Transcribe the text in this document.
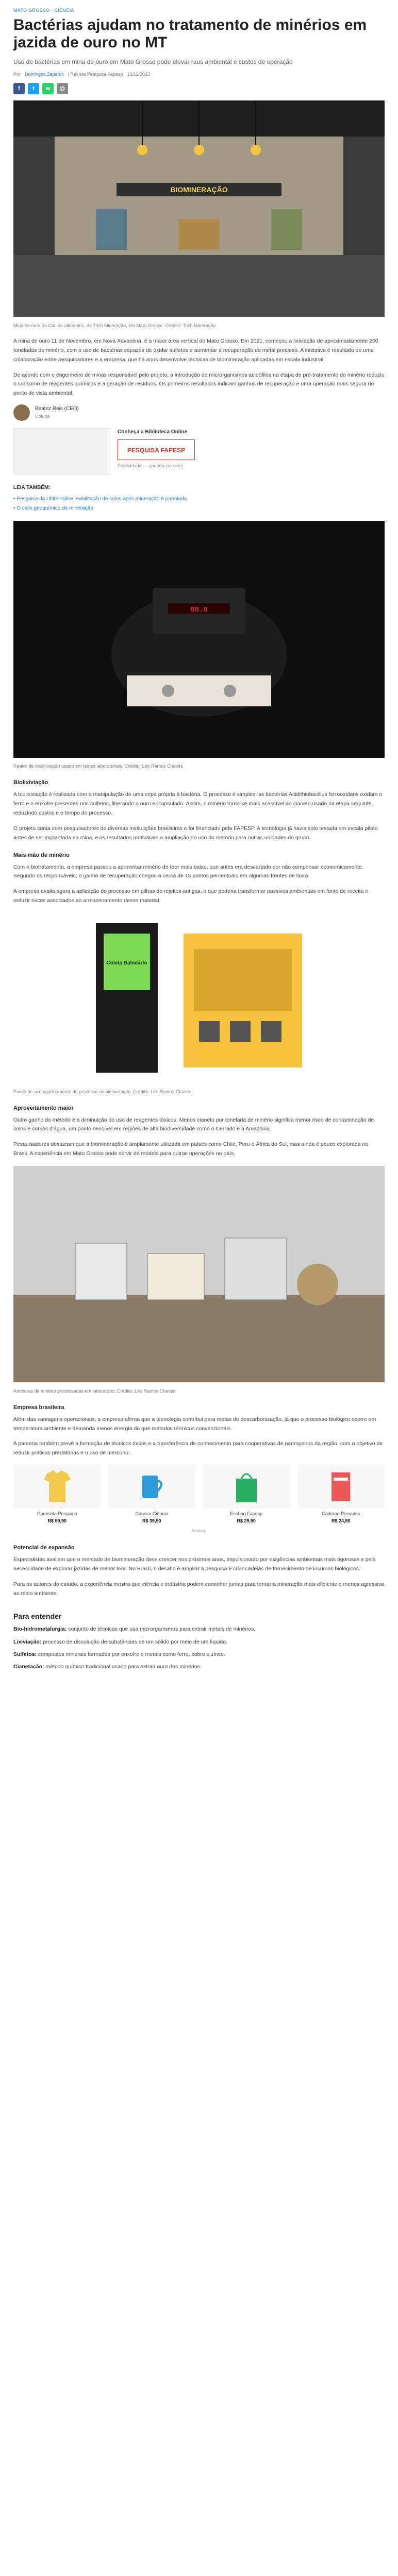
MATO GROSSO · CIÊNCIA
Bactérias ajudam no tratamento de minérios em jazida de ouro no MT

Uso de bactérias em mina de ouro em Mato Grosso pode elevar raus ambiental e custos de operação

Por Domingos Zaparoli | Revista Pesquisa Fapesp 15/11/2023
f	t	w	@
BIOMINERAÇÃO

Mina de ouro da Cia. de alimentos, de Titch Mineração, em Mato Grosso. Crédito: Titch Mineração

A mina de ouro 11 de Novembro, em Nova Xavantina, é a maior área vertical do Mato Grosso. Em 2021, começou a lixiviação de aproximadamente 200 toneladas de minério, com o uso de bactérias capazes de oxidar sulfetos e aumentar a recuperação do metal precioso. A iniciativa é resultado de uma colaboração entre pesquisadores e a empresa, que há anos desenvolve técnicas de biomineração aplicadas em escala industrial.

De acordo com o engenheiro de minas responsável pelo projeto, a introdução de microrganismos acidófilos na etapa de pré-tratamento do minério reduziu o consumo de reagentes químicos e a geração de resíduos. Os primeiros resultados indicam ganhos de recuperação e uma operação mais segura do ponto de vista ambiental.

Beatriz Reis (CEO)
Coluna
Conheça a Biblioteca Online
PESQUISA FAPESP
Publicidade — anúncio parceiro
LEIA TAMBÉM:
• Pesquisa da UNIP sobre reabilitação de solos após mineração é premiada
• O ciclo geoquímico da mineração
88.8

Reator de biolixiviação usado em testes laboratoriais. Crédito: Léo Ramos Chaves

Biolixiviação

A biolixiviação é realizada com a manipulação de uma cepa própria à bactéria. O processo é simples: as bactérias Acidithiobacillus ferrooxidans oxidam o ferro e o enxofre presentes nos sulfetos, liberando o ouro encapsulado. Assim, o minério torna-se mais acessível ao cianeto usado na etapa seguinte, reduzindo custos e o tempo do processo.

O projeto conta com pesquisadores de diversas instituições brasileiras e foi financiado pela FAPESP. A tecnologia já havia sido testada em escala piloto antes de ser implantada na mina, e os resultados motivaram a ampliação do uso do método para outras unidades do grupo.

Mais mão de minério

Com o biotratamento, a empresa passou a aproveitar minério de teor mais baixo, que antes era descartado por não compensar economicamente. Segundo os responsáveis, o ganho de recuperação chegou a cerca de 15 pontos percentuais em algumas frentes de lavra.

A empresa avalia agora a aplicação do processo em pilhas de rejeitos antigas, o que poderia transformar passivos ambientais em fonte de receita e reduzir riscos associados ao armazenamento desse material.

Coleta Balneário

Painel de acompanhamento do processo de biolixiviação. Crédito: Léo Ramos Chaves

Aproveitamento maior

Outro ganho do método é a diminuição do uso de reagentes tóxicos. Menos cianeto por tonelada de minério significa menor risco de contaminação de solos e cursos d'água, um ponto sensível em regiões de alta biodiversidade como o Cerrado e a Amazônia.

Pesquisadores destacam que a biomineração é amplamente utilizada em países como Chile, Peru e África do Sul, mas ainda é pouco explorada no Brasil. A experiência em Mato Grosso pode servir de modelo para outras operações no país.

Amostras de minério processadas em laboratório. Crédito: Léo Ramos Chaves

Empresa brasileira

Além das vantagens operacionais, a empresa afirma que a tecnologia contribui para metas de descarbonização, já que o processo biológico ocorre em temperatura ambiente e demanda menos energia do que métodos térmicos convencionais.

A parceria também prevê a formação de técnicos locais e a transferência de conhecimento para cooperativas de garimpeiros da região, com o objetivo de reduzir práticas predatórias e o uso de mercúrio.

Camiseta Pesquisa
R$ 59,90
Caneca Ciência
R$ 39,90
Ecobag Fapesp
R$ 29,90
Caderno Pesquisa
R$ 24,90
Anúncio
Potencial de expansão

Especialistas avaliam que o mercado de biomineração deve crescer nos próximos anos, impulsionado por exigências ambientais mais rigorosas e pela necessidade de explorar jazidas de menor teor. No Brasil, o desafio é ampliar a pesquisa e criar cadeias de fornecimento de insumos biológicos.

Para os autores do estudo, a experiência mostra que ciência e indústria podem caminhar juntas para tornar a mineração mais eficiente e menos agressiva ao meio ambiente.

Para entender

Bio-hidrometalurgia: conjunto de técnicas que usa microrganismos para extrair metais de minérios.

Lixiviação: processo de dissolução de substâncias de um sólido por meio de um líquido.

Sulfetos: compostos minerais formados por enxofre e metais como ferro, cobre e zinco.

Cianetação: método químico tradicional usado para extrair ouro dos minérios.
